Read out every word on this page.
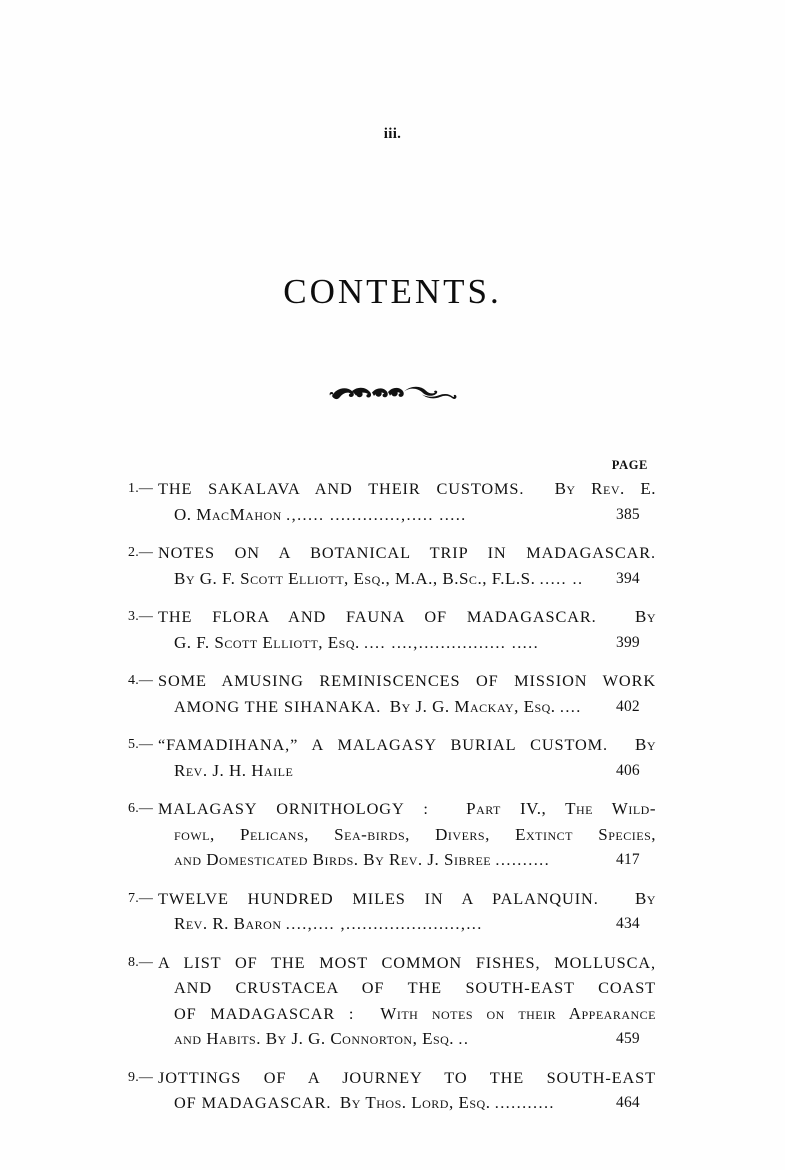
iii.
CONTENTS.
PAGE
1.— THE SAKALAVA AND THEIR CUSTOMS. By Rev. E.
O. MacMahon .,..... .............,..... .....	385
2.— NOTES ON A BOTANICAL TRIP IN MADAGASCAR.
By G. F. Scott Elliott, Esq., M.A., B.Sc., F.L.S. ..... ..	394
3.— THE FLORA AND FAUNA OF MADAGASCAR. By
G. F. Scott Elliott, Esq. .... ....,................ .....	399
4.— SOME AMUSING REMINISCENCES OF MISSION WORK
AMONG THE SIHANAKA. By J. G. Mackay, Esq. ....	402
5.— “FAMADIHANA,” A MALAGASY BURIAL CUSTOM. By
Rev. J. H. Haile	406
6.— MALAGASY ORNITHOLOGY : Part IV., The Wild-
fowl, Pelicans, Sea-birds, Divers, Extinct Species,
and Domesticated Birds. By Rev. J. Sibree ..........	417
7.— TWELVE HUNDRED MILES IN A PALANQUIN. By
Rev. R. Baron ....,.... ,.....................,...	434
8.— A LIST OF THE MOST COMMON FISHES, MOLLUSCA,
AND CRUSTACEA OF THE SOUTH-EAST COAST
OF MADAGASCAR : With notes on their Appearance
and Habits. By J. G. Connorton, Esq. ..	459
9.— JOTTINGS OF A JOURNEY TO THE SOUTH-EAST
OF MADAGASCAR. By Thos. Lord, Esq. ...........	464
